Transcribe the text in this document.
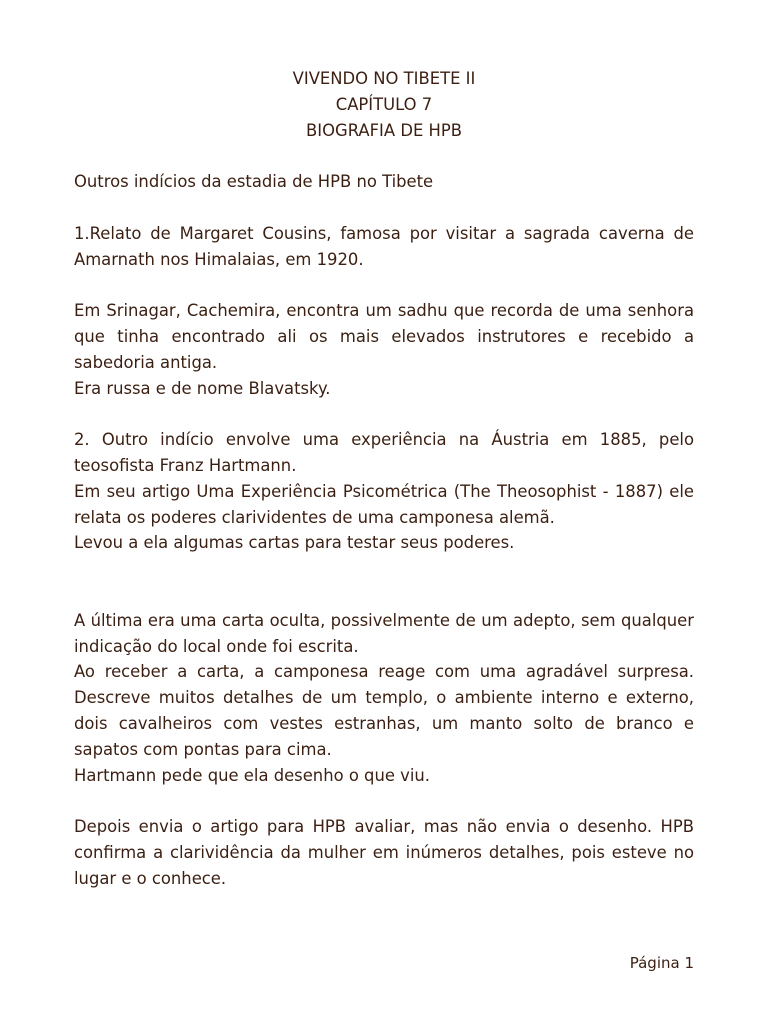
VIVENDO NO TIBETE II
CAPÍTULO 7
BIOGRAFIA DE HPB

Outros indícios da estadia de HPB no Tibete

1.Relato de Margaret Cousins, famosa por visitar a sagrada caverna de Amarnath nos Himalaias, em 1920.

Em Srinagar, Cachemira, encontra um sadhu que recorda de uma senhora que tinha encontrado ali os mais elevados instrutores e recebido a sabedoria antiga.

Era russa e de nome Blavatsky.

2. Outro indício envolve uma experiência na Áustria em 1885, pelo teosofista Franz Hartmann.

Em seu artigo Uma Experiência Psicométrica (The Theosophist - 1887) ele relata os poderes clarividentes de uma camponesa alemã.

Levou a ela algumas cartas para testar seus poderes.

A última era uma carta oculta, possivelmente de um adepto, sem qualquer indicação do local onde foi escrita.

Ao receber a carta, a camponesa reage com uma agradável surpresa. Descreve muitos detalhes de um templo, o ambiente interno e externo, dois cavalheiros com vestes estranhas, um manto solto de branco e sapatos com pontas para cima.

Hartmann pede que ela desenho o que viu.

Depois envia o artigo para HPB avaliar, mas não envia o desenho. HPB confirma a clarividência da mulher em inúmeros detalhes, pois esteve no lugar e o conhece.

Página 1
